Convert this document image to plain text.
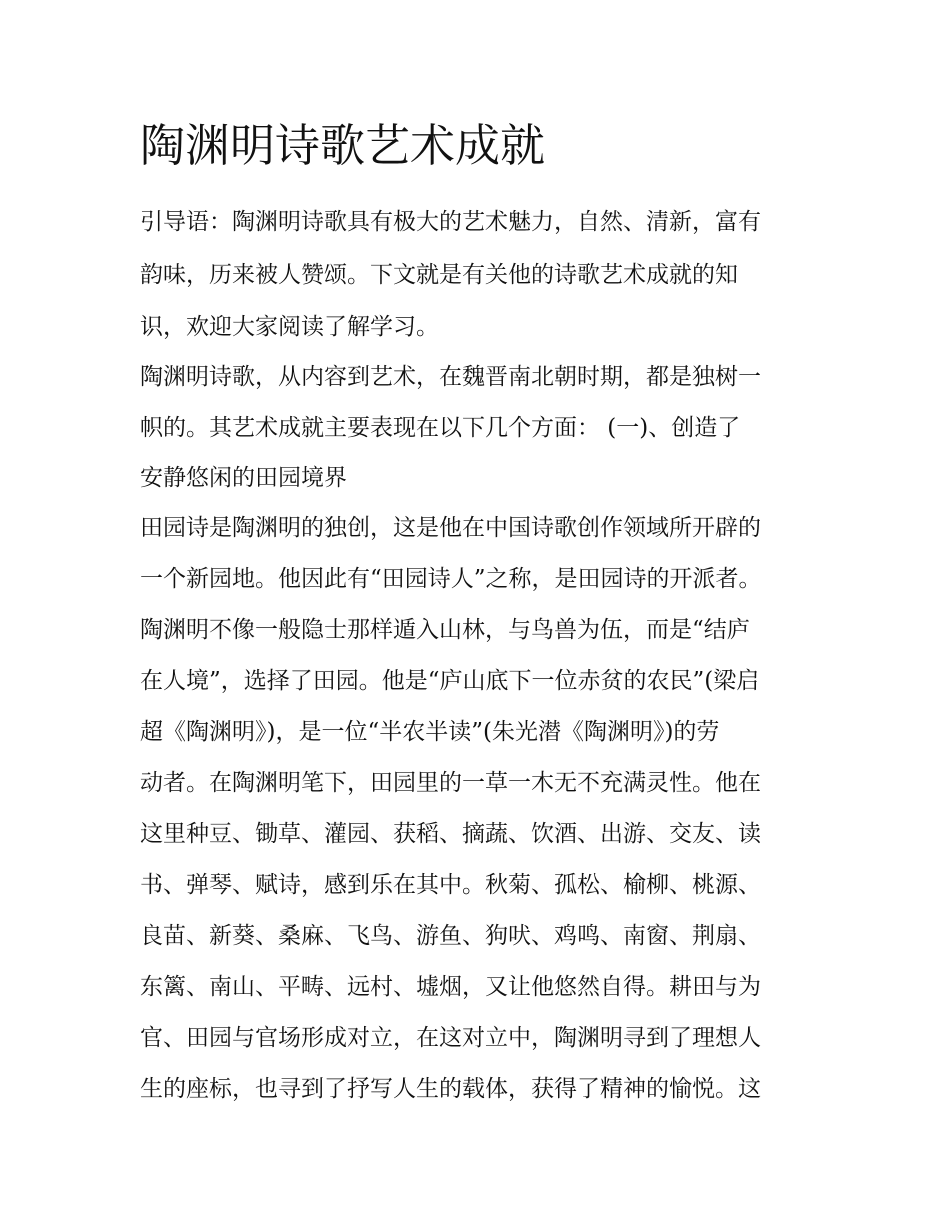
陶渊明诗歌艺术成就

引导语：陶渊明诗歌具有极大的艺术魅力，自然、清新，富有

韵味，历来被人赞颂。下文就是有关他的诗歌艺术成就的知

识，欢迎大家阅读了解学习。

陶渊明诗歌，从内容到艺术，在魏晋南北朝时期，都是独树一

帜的。其艺术成就主要表现在以下几个方面： (一)、创造了

安静悠闲的田园境界

田园诗是陶渊明的独创，这是他在中国诗歌创作领域所开辟的

一个新园地。他因此有“田园诗人”之称，是田园诗的开派者。

陶渊明不像一般隐士那样遁入山林，与鸟兽为伍，而是“结庐

在人境”，选择了田园。他是“庐山底下一位赤贫的农民”(梁启

超《陶渊明》)，是一位“半农半读”(朱光潜《陶渊明》)的劳

动者。在陶渊明笔下，田园里的一草一木无不充满灵性。他在

这里种豆、锄草、灌园、获稻、摘蔬、饮酒、出游、交友、读

书、弹琴、赋诗，感到乐在其中。秋菊、孤松、榆柳、桃源、

良苗、新葵、桑麻、飞鸟、游鱼、狗吠、鸡鸣、南窗、荆扇、

东篱、南山、平畴、远村、墟烟，又让他悠然自得。耕田与为

官、田园与官场形成对立，在这对立中，陶渊明寻到了理想人

生的座标，也寻到了抒写人生的载体，获得了精神的愉悦。这
